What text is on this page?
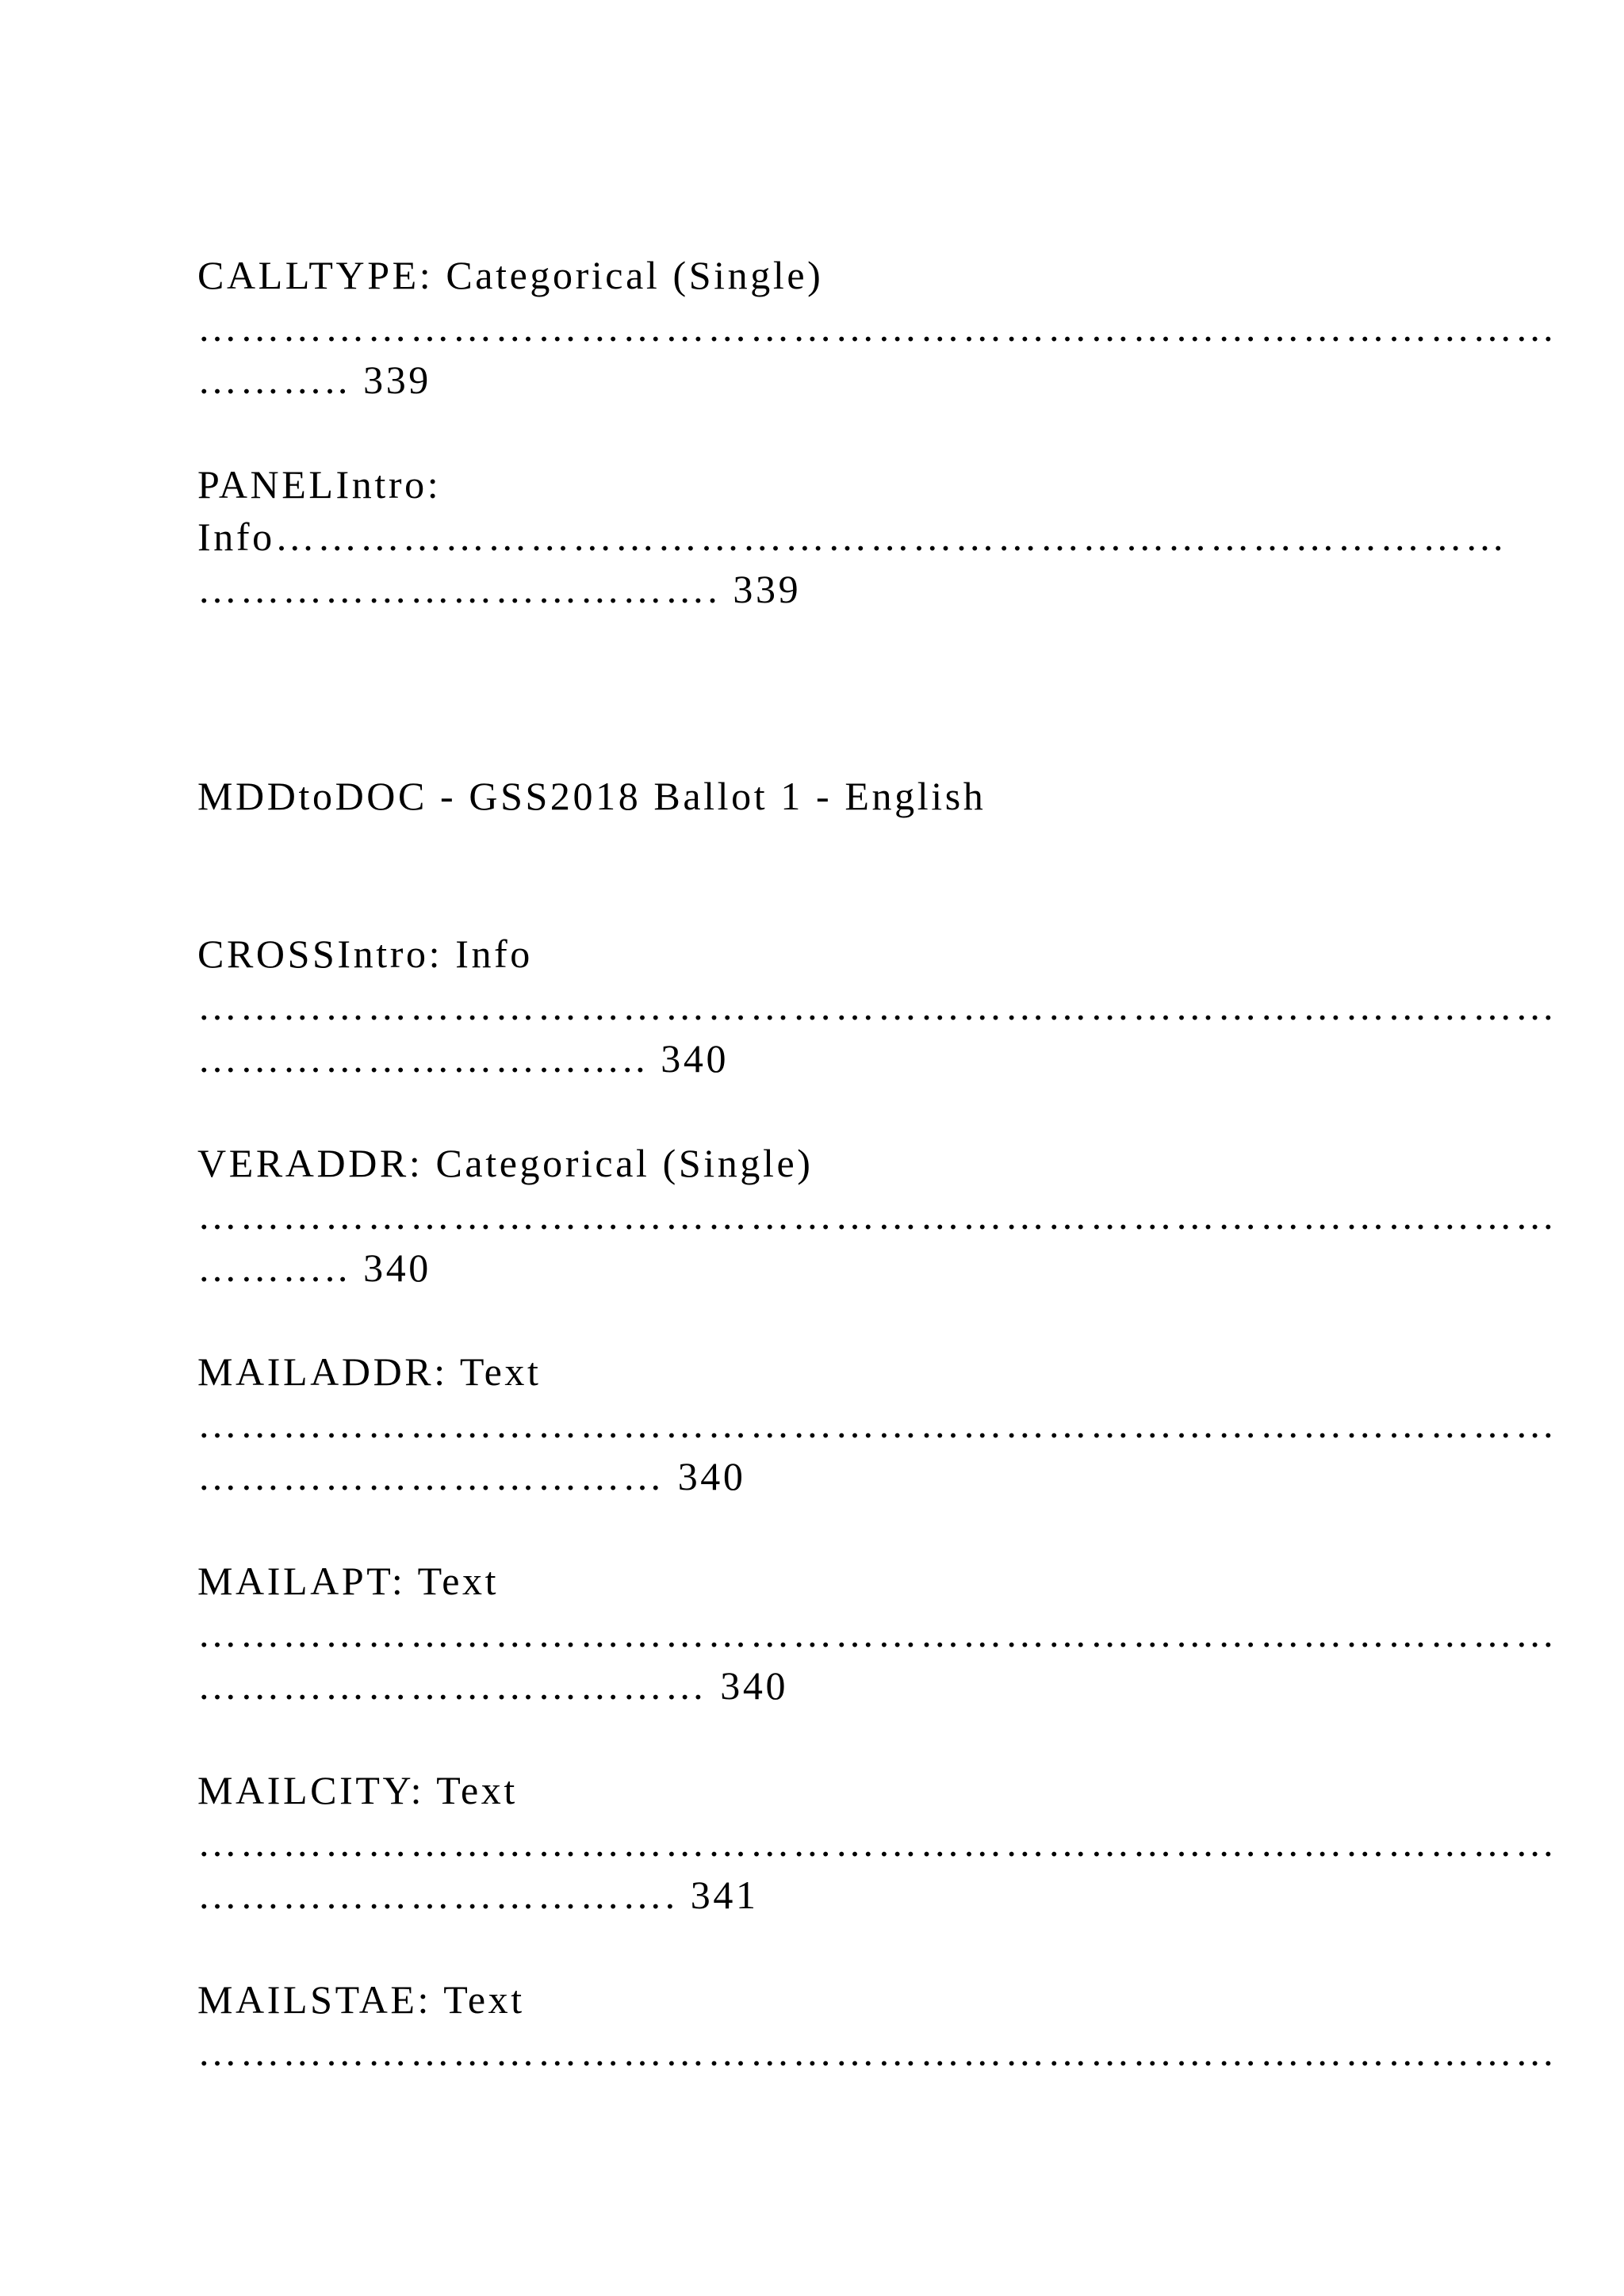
CALLTYPE: Categorical (Single)
……………………………………………………………………………………
……….. 339
PANELIntro:
Info……………………………………………………………………………
………………………………. 339
MDDtoDOC - GSS2018 Ballot 1 - English
CROSSIntro: Info
……………………………………………………………………………………
………………………….. 340
VERADDR: Categorical (Single)
……………………………………………………………………………………
……….. 340
MAILADDR: Text
……………………………………………………………………………………
…………………………… 340
MAILAPT: Text
……………………………………………………………………………………
……………………………… 340
MAILCITY: Text
……………………………………………………………………………………
……………………………. 341
MAILSTAE: Text
……………………………………………………………………………………
